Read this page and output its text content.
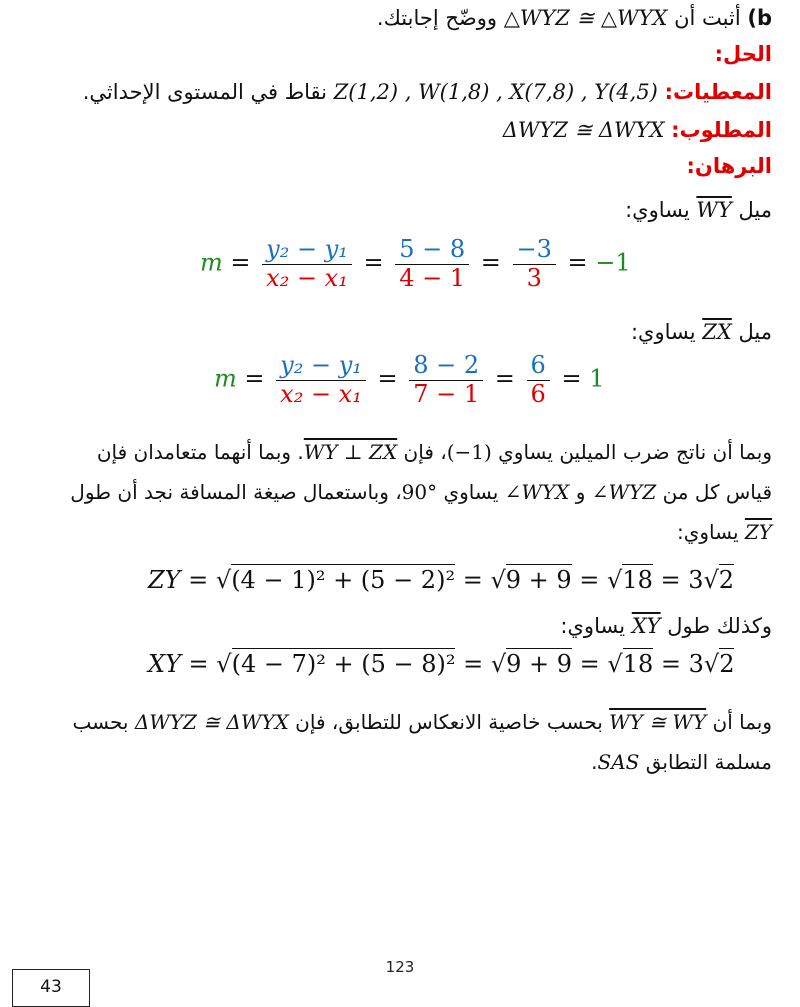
b) أثبت أن △WYX ≅ △WYZ ووضّح إجابتك.
الحل:
المعطيات: Z(1,2) , W(1,8) , X(7,8) , Y(4,5) نقاط في المستوى الإحداثي.
المطلوب: ΔWYZ ≅ ΔWYX
البرهان:
ميل $\overline{WY}$ يساوي:
$m = \frac{\text{y₂ − y₁}}{\text{x₂ − x₁}} = \frac{5 - 8}{4 - 1} = \frac{-3}{3} = -1$
ميل $\overline{ZX}$ يساوي:
$m = \frac{\text{y₂ − y₁}}{\text{x₂ − x₁}} = \frac{8 - 2}{7 - 1} = \frac{6}{6} = 1$
وبما أن ناتج ضرب الميلين يساوي (−1)، فإن WY ⊥ ZX. وبما أنهما متعامدان فإن
قياس كل من ∠WYZ و ∠WYX يساوي 90°، وباستعمال صيغة المسافة نجد أن طول
$\overline{ZY}$ يساوي:
ZY = √(4 − 1)² + (5 − 2)² = √9 + 9 = √18 = 3√2
وكذلك طول $\overline{XY}$ يساوي:
XY = √(4 − 7)² + (5 − 8)² = √9 + 9 = √18 = 3√2
وبما أن WY ≅ WY بحسب خاصية الانعكاس للتطابق، فإن ΔWYZ ≅ ΔWYX بحسب
مسلمة التطابق SAS.
123
43
